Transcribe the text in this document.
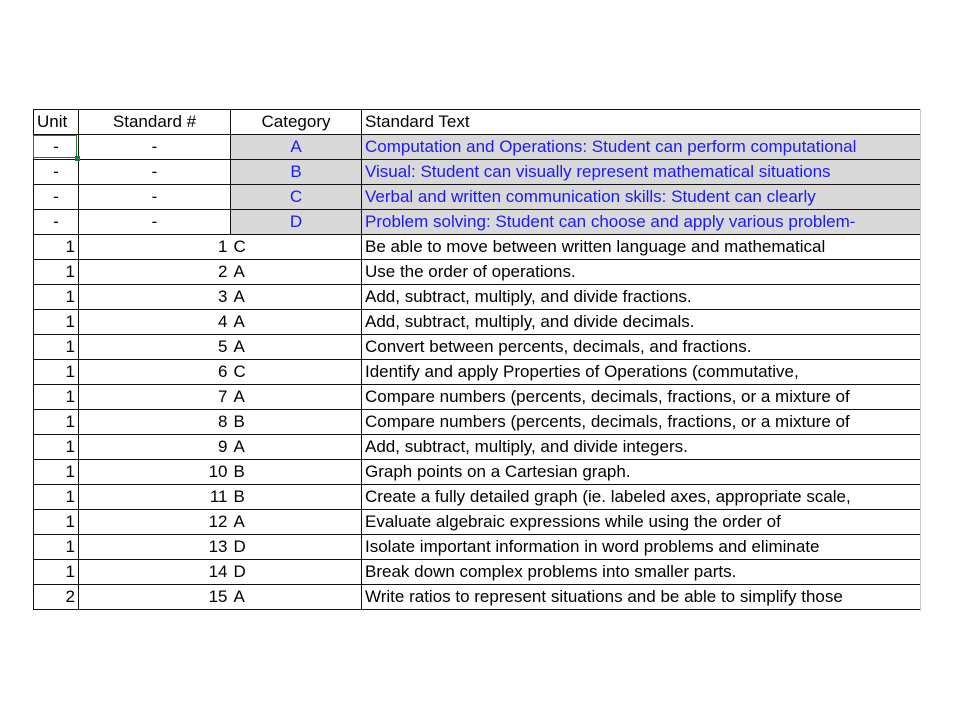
Unit	Standard #	Category	Standard Text
-	-	A	Computation and Operations: Student can perform computational
-	-	B	Visual: Student can visually represent mathematical situations
-	-	C	Verbal and written communication skills: Student can clearly
-	-	D	Problem solving: Student can choose and apply various problem-
1	1	C	Be able to move between written language and mathematical
1	2	A	Use the order of operations.
1	3	A	Add, subtract, multiply, and divide fractions.
1	4	A	Add, subtract, multiply, and divide decimals.
1	5	A	Convert between percents, decimals, and fractions.
1	6	C	Identify and apply Properties of Operations (commutative,
1	7	A	Compare numbers (percents, decimals, fractions, or a mixture of
1	8	B	Compare numbers (percents, decimals, fractions, or a mixture of
1	9	A	Add, subtract, multiply, and divide integers.
1	10	B	Graph points on a Cartesian graph.
1	11	B	Create a fully detailed graph (ie. labeled axes, appropriate scale,
1	12	A	Evaluate algebraic expressions while using the order of
1	13	D	Isolate important information in word problems and eliminate
1	14	D	Break down complex problems into smaller parts.
2	15	A	Write ratios to represent situations and be able to simplify those
